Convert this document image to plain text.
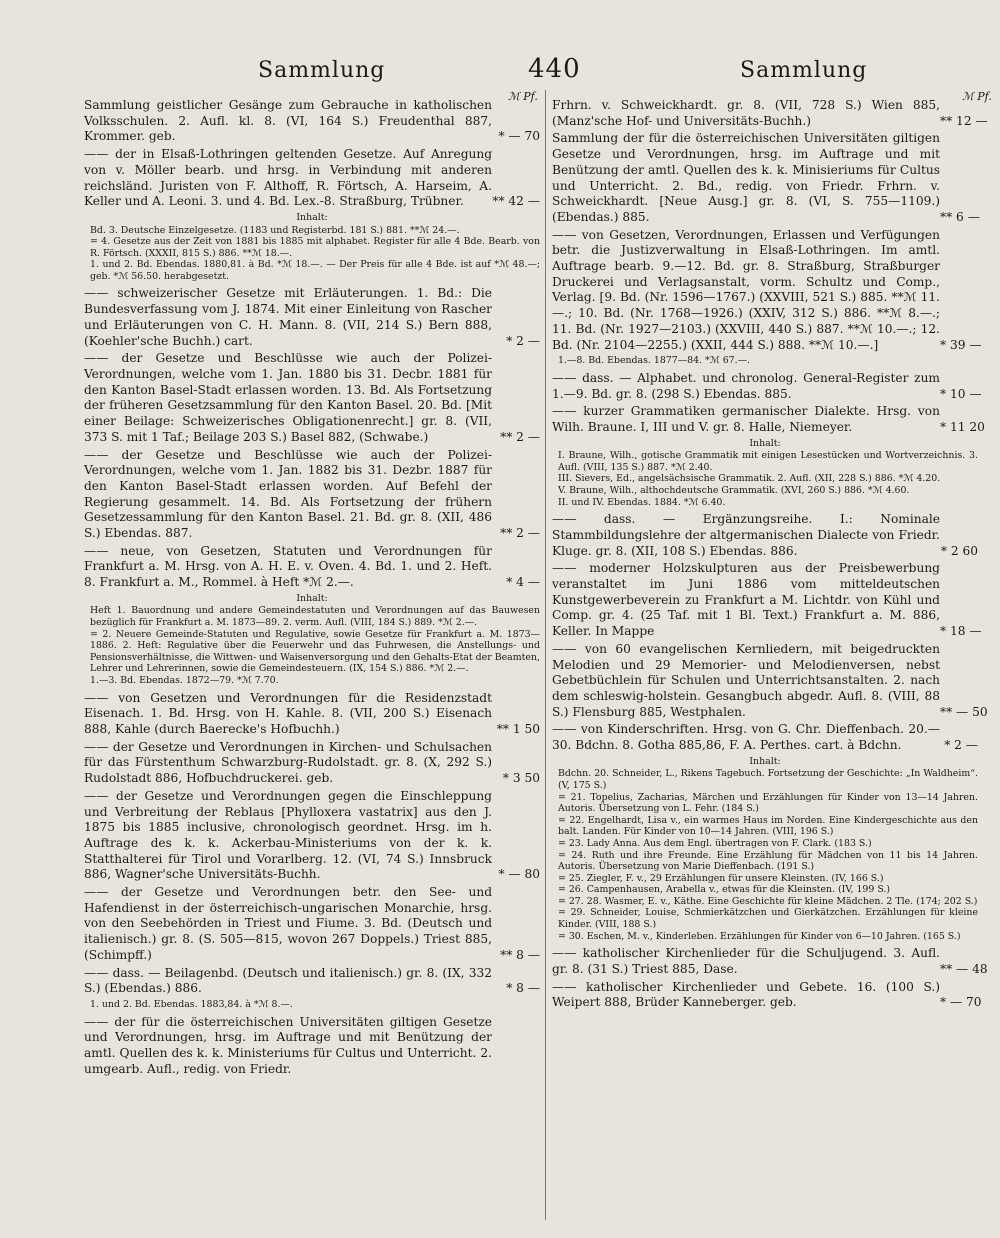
Sammlung	440	Sammlung
ℳ Pf.	ℳ Pf.
Sammlung geistlicher Gesänge zum Gebrauche in katholischen Volksschulen. 2. Aufl. kl. 8. (VI, 164 S.) Freudenthal 887, Krommer. geb.	* — 70
—— der in Elsaß-Lothringen geltenden Gesetze. Auf Anregung von v. Möller bearb. und hrsg. in Verbindung mit anderen reichsländ. Juristen von F. Althoff, R. Förtsch, A. Harseim, A. Keller und A. Leoni. 3. und 4. Bd. Lex.-8. Straßburg, Trübner.	** 42 —
Inhalt:
Bd. 3. Deutsche Einzelgesetze. (1183 und Registerbd. 181 S.) 881. **ℳ 24.—.
= 4. Gesetze aus der Zeit von 1881 bis 1885 mit alphabet. Register für alle 4 Bde. Bearb. von R. Förtsch. (XXXII, 815 S.) 886. **ℳ 18.—.
1. und 2. Bd. Ebendas. 1880,81. à Bd. *ℳ 18.—. — Der Preis für alle 4 Bde. ist auf *ℳ 48.—; geb. *ℳ 56.50. herabgesetzt.
—— schweizerischer Gesetze mit Erläuterungen. 1. Bd.: Die Bundesverfassung vom J. 1874. Mit einer Einleitung von Rascher und Erläuterungen von C. H. Mann. 8. (VII, 214 S.) Bern 888, (Koehler'sche Buchh.) cart.	* 2 —
—— der Gesetze und Beschlüsse wie auch der Polizei-Verordnungen, welche vom 1. Jan. 1880 bis 31. Decbr. 1881 für den Kanton Basel-Stadt erlassen worden. 13. Bd. Als Fortsetzung der früheren Gesetzsammlung für den Kanton Basel. 20. Bd. [Mit einer Beilage: Schweizerisches Obligationenrecht.] gr. 8. (VII, 373 S. mit 1 Taf.; Beilage 203 S.) Basel 882, (Schwabe.)	** 2 —
—— der Gesetze und Beschlüsse wie auch der Polizei-Verordnungen, welche vom 1. Jan. 1882 bis 31. Dezbr. 1887 für den Kanton Basel-Stadt erlassen worden. Auf Befehl der Regierung gesammelt. 14. Bd. Als Fortsetzung der frühern Gesetzessammlung für den Kanton Basel. 21. Bd. gr. 8. (XII, 486 S.) Ebendas. 887.	** 2 —
—— neue, von Gesetzen, Statuten und Verordnungen für Frankfurt a. M. Hrsg. von A. H. E. v. Oven. 4. Bd. 1. und 2. Heft. 8. Frankfurt a. M., Rommel. à Heft *ℳ 2.—.	* 4 —
Inhalt:
Heft 1. Bauordnung und andere Gemeindestatuten und Verordnungen auf das Bauwesen bezüglich für Frankfurt a. M. 1873—89. 2. verm. Aufl. (VIII, 184 S.) 889. *ℳ 2.—.
= 2. Neuere Gemeinde-Statuten und Regulative, sowie Gesetze für Frankfurt a. M. 1873—1886. 2. Heft: Regulative über die Feuerwehr und das Fuhrwesen, die Anstellungs- und Pensionsverhältnisse, die Wittwen- und Waisenversorgung und den Gehalts-Etat der Beamten, Lehrer und Lehrerinnen, sowie die Gemeindesteuern. (IX, 154 S.) 886. *ℳ 2.—.
1.—3. Bd. Ebendas. 1872—79. *ℳ 7.70.
—— von Gesetzen und Verordnungen für die Residenzstadt Eisenach. 1. Bd. Hrsg. von H. Kahle. 8. (VII, 200 S.) Eisenach 888, Kahle (durch Baerecke's Hofbuchh.)	** 1 50
—— der Gesetze und Verordnungen in Kirchen- und Schulsachen für das Fürstenthum Schwarzburg-Rudolstadt. gr. 8. (X, 292 S.) Rudolstadt 886, Hofbuchdruckerei. geb.	* 3 50
—— der Gesetze und Verordnungen gegen die Einschleppung und Verbreitung der Reblaus [Phylloxera vastatrix] aus den J. 1875 bis 1885 inclusive, chronologisch geordnet. Hrsg. im h. Auftrage des k. k. Ackerbau-Ministeriums von der k. k. Statthalterei für Tirol und Vorarlberg. 12. (VI, 74 S.) Innsbruck 886, Wagner'sche Universitäts-Buchh.	* — 80
—— der Gesetze und Verordnungen betr. den See- und Hafendienst in der österreichisch-ungarischen Monarchie, hrsg. von den Seebehörden in Triest und Fiume. 3. Bd. (Deutsch und italienisch.) gr. 8. (S. 505—815, wovon 267 Doppels.) Triest 885, (Schimpff.)	** 8 —
—— dass. — Beilagenbd. (Deutsch und italienisch.) gr. 8. (IX, 332 S.) (Ebendas.) 886.	* 8 —
1. und 2. Bd. Ebendas. 1883,84. à *ℳ 8.—.
—— der für die österreichischen Universitäten giltigen Gesetze und Verordnungen, hrsg. im Auftrage und mit Benützung der amtl. Quellen des k. k. Ministeriums für Cultus und Unterricht. 2. umgearb. Aufl., redig. von Friedr.
Frhrn. v. Schweickhardt. gr. 8. (VII, 728 S.) Wien 885, (Manz'sche Hof- und Universitäts-Buchh.)	** 12 —
Sammlung der für die österreichischen Universitäten giltigen Gesetze und Verordnungen, hrsg. im Auftrage und mit Benützung der amtl. Quellen des k. k. Minisieriums für Cultus und Unterricht. 2. Bd., redig. von Friedr. Frhrn. v. Schweickhardt. [Neue Ausg.] gr. 8. (VI, S. 755—1109.) (Ebendas.) 885.	** 6 —
—— von Gesetzen, Verordnungen, Erlassen und Verfügungen betr. die Justizverwaltung in Elsaß-Lothringen. Im amtl. Auftrage bearb. 9.—12. Bd. gr. 8. Straßburg, Straßburger Druckerei und Verlagsanstalt, vorm. Schultz und Comp., Verlag. [9. Bd. (Nr. 1596—1767.) (XXVIII, 521 S.) 885. **ℳ 11.—.; 10. Bd. (Nr. 1768—1926.) (XXIV, 312 S.) 886. **ℳ 8.—.; 11. Bd. (Nr. 1927—2103.) (XXVIII, 440 S.) 887. **ℳ 10.—.; 12. Bd. (Nr. 2104—2255.) (XXII, 444 S.) 888. **ℳ 10.—.]	* 39 —
1.—8. Bd. Ebendas. 1877—84. *ℳ 67.—.
—— dass. — Alphabet. und chronolog. General-Register zum 1.—9. Bd. gr. 8. (298 S.) Ebendas. 885.	* 10 —
—— kurzer Grammatiken germanischer Dialekte. Hrsg. von Wilh. Braune. I, III und V. gr. 8. Halle, Niemeyer.	* 11 20
Inhalt:
I. Braune, Wilh., gotische Grammatik mit einigen Lesestücken und Wortverzeichnis. 3. Aufl. (VIII, 135 S.) 887. *ℳ 2.40.
III. Sievers, Ed., angelsächsische Grammatik. 2. Aufl. (XII, 228 S.) 886. *ℳ 4.20.
V. Braune, Wilh., althochdeutsche Grammatik. (XVI, 260 S.) 886. *ℳ 4.60.
II. und IV. Ebendas. 1884. *ℳ 6.40.
—— dass. — Ergänzungsreihe. I.: Nominale Stammbildungslehre der altgermanischen Dialecte von Friedr. Kluge. gr. 8. (XII, 108 S.) Ebendas. 886.	* 2 60
—— moderner Holzskulpturen aus der Preisbewerbung veranstaltet im Juni 1886 vom mitteldeutschen Kunstgewerbeverein zu Frankfurt a M. Lichtdr. von Kühl und Comp. gr. 4. (25 Taf. mit 1 Bl. Text.) Frankfurt a. M. 886, Keller. In Mappe	* 18 —
—— von 60 evangelischen Kernliedern, mit beigedruckten Melodien und 29 Memorier- und Melodienversen, nebst Gebetbüchlein für Schulen und Unterrichtsanstalten. 2. nach dem schleswig-holstein. Gesangbuch abgedr. Aufl. 8. (VIII, 88 S.) Flensburg 885, Westphalen.	** — 50
—— von Kinderschriften. Hrsg. von G. Chr. Dieffenbach. 20.—30. Bdchn. 8. Gotha 885,86, F. A. Perthes. cart. à Bdchn.	* 2 —
Inhalt:
Bdchn. 20. Schneider, L., Rikens Tagebuch. Fortsetzung der Geschichte: „In Waldheim“. (V, 175 S.)
= 21. Topelius, Zacharias, Märchen und Erzählungen für Kinder von 13—14 Jahren. Autoris. Übersetzung von L. Fehr. (184 S.)
= 22. Engelhardt, Lisa v., ein warmes Haus im Norden. Eine Kindergeschichte aus den balt. Landen. Für Kinder von 10—14 Jahren. (VIII, 196 S.)
= 23. Lady Anna. Aus dem Engl. übertragen von F. Clark. (183 S.)
= 24. Ruth und ihre Freunde. Eine Erzählung für Mädchen von 11 bis 14 Jahren. Autoris. Übersetzung von Marie Dieffenbach. (191 S.)
= 25. Ziegler, F. v., 29 Erzählungen für unsere Kleinsten. (IV, 166 S.)
= 26. Campenhausen, Arabella v., etwas für die Kleinsten. (IV, 199 S.)
= 27. 28. Wasmer, E. v., Käthe. Eine Geschichte für kleine Mädchen. 2 Tle. (174; 202 S.)
= 29. Schneider, Louise, Schmierkätzchen und Gierkätzchen. Erzählungen für kleine Kinder. (VIII, 188 S.)
= 30. Eschen, M. v., Kinderleben. Erzählungen für Kinder von 6—10 Jahren. (165 S.)
—— katholischer Kirchenlieder für die Schuljugend. 3. Aufl. gr. 8. (31 S.) Triest 885, Dase.	** — 48
—— katholischer Kirchenlieder und Gebete. 16. (100 S.) Weipert 888, Brüder Kanneberger. geb.	* — 70
